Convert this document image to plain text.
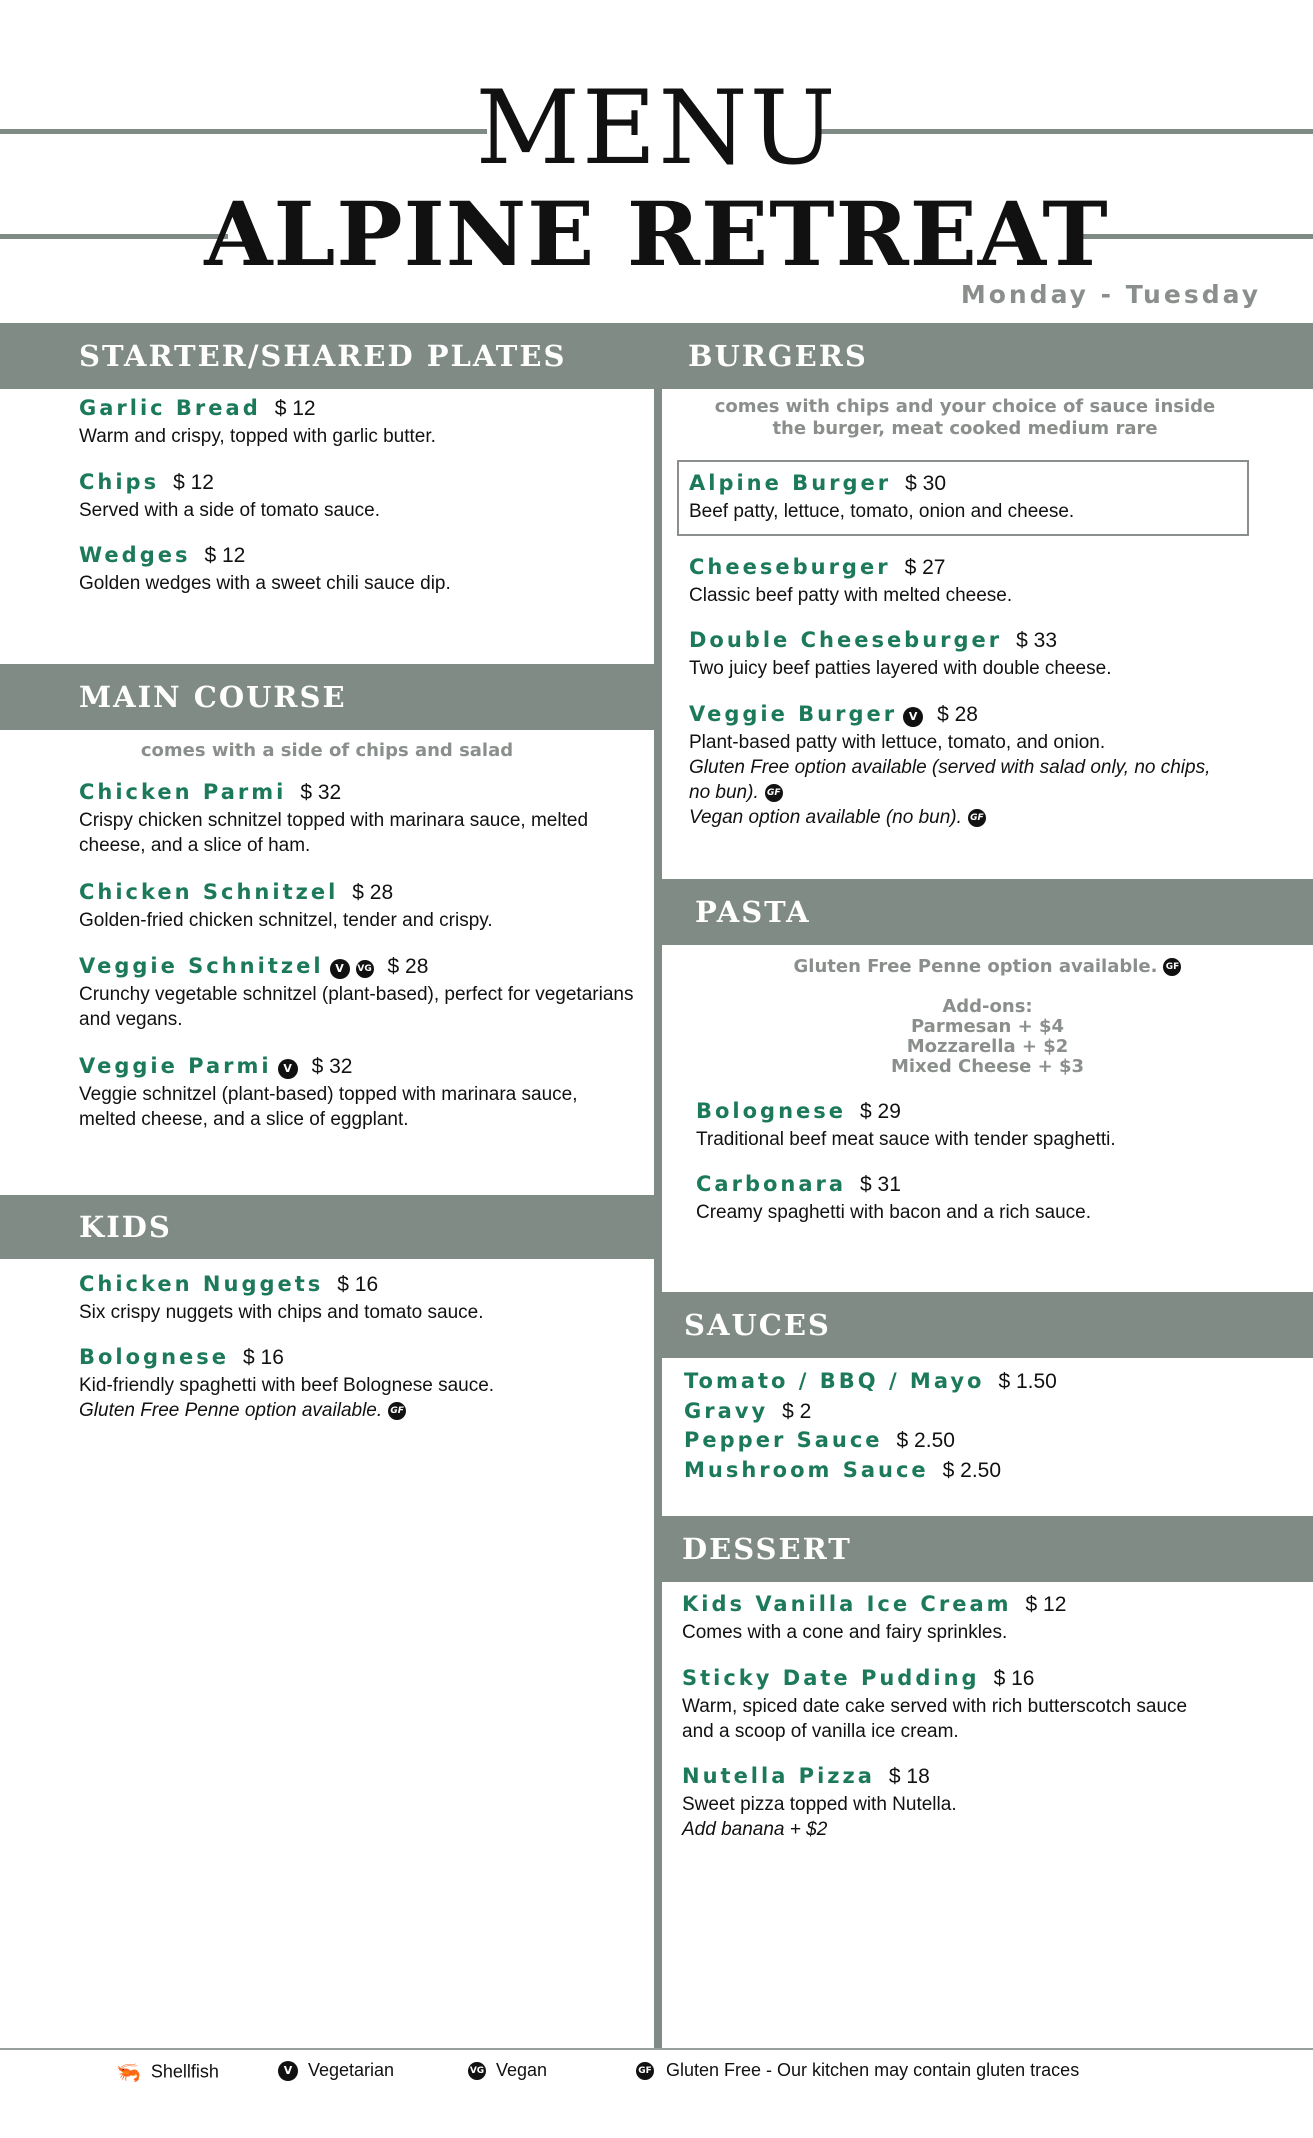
MENU
ALPINE RETREAT
Monday - Tuesday
STARTER/SHARED PLATES
MAIN COURSE
KIDS
BURGERS
PASTA
SAUCES
DESSERT
Garlic Bread $ 12
Warm and crispy, topped with garlic butter.
Chips $ 12
Served with a side of tomato sauce.
Wedges $ 12
Golden wedges with a sweet chili sauce dip.
comes with a side of chips and salad
Chicken Parmi $ 32
Crispy chicken schnitzel topped with marinara sauce, melted cheese, and a slice of ham.
Chicken Schnitzel $ 28
Golden-fried chicken schnitzel, tender and crispy.
Veggie Schnitzel V VG $ 28
Crunchy vegetable schnitzel (plant-based), perfect for vegetarians and vegans.
Veggie Parmi V $ 32
Veggie schnitzel (plant-based) topped with marinara sauce, melted cheese, and a slice of eggplant.
Chicken Nuggets $ 16
Six crispy nuggets with chips and tomato sauce.
Bolognese $ 16
Kid-friendly spaghetti with beef Bolognese sauce.
Gluten Free Penne option available. GF
comes with chips and your choice of sauce inside the burger, meat cooked medium rare
Alpine Burger $ 30
Beef patty, lettuce, tomato, onion and cheese.
Cheeseburger $ 27
Classic beef patty with melted cheese.
Double Cheeseburger $ 33
Two juicy beef patties layered with double cheese.
Veggie Burger V $ 28
Plant-based patty with lettuce, tomato, and onion.
Gluten Free option available (served with salad only, no chips, no bun). GF
Vegan option available (no bun). GF
Gluten Free Penne option available. GF
Add-ons:
Parmesan + $4
Mozzarella + $2
Mixed Cheese + $3
Bolognese $ 29
Traditional beef meat sauce with tender spaghetti.
Carbonara $ 31
Creamy spaghetti with bacon and a rich sauce.
Tomato / BBQ / Mayo $ 1.50
Gravy $ 2
Pepper Sauce $ 2.50
Mushroom Sauce $ 2.50
Kids Vanilla Ice Cream $ 12
Comes with a cone and fairy sprinkles.
Sticky Date Pudding $ 16
Warm, spiced date cake served with rich butterscotch sauce and a scoop of vanilla ice cream.
Nutella Pizza $ 18
Sweet pizza topped with Nutella.
Add banana + $2
🦐 Shellfish	V Vegetarian	VG Vegan	GF Gluten Free - Our kitchen may contain gluten traces
